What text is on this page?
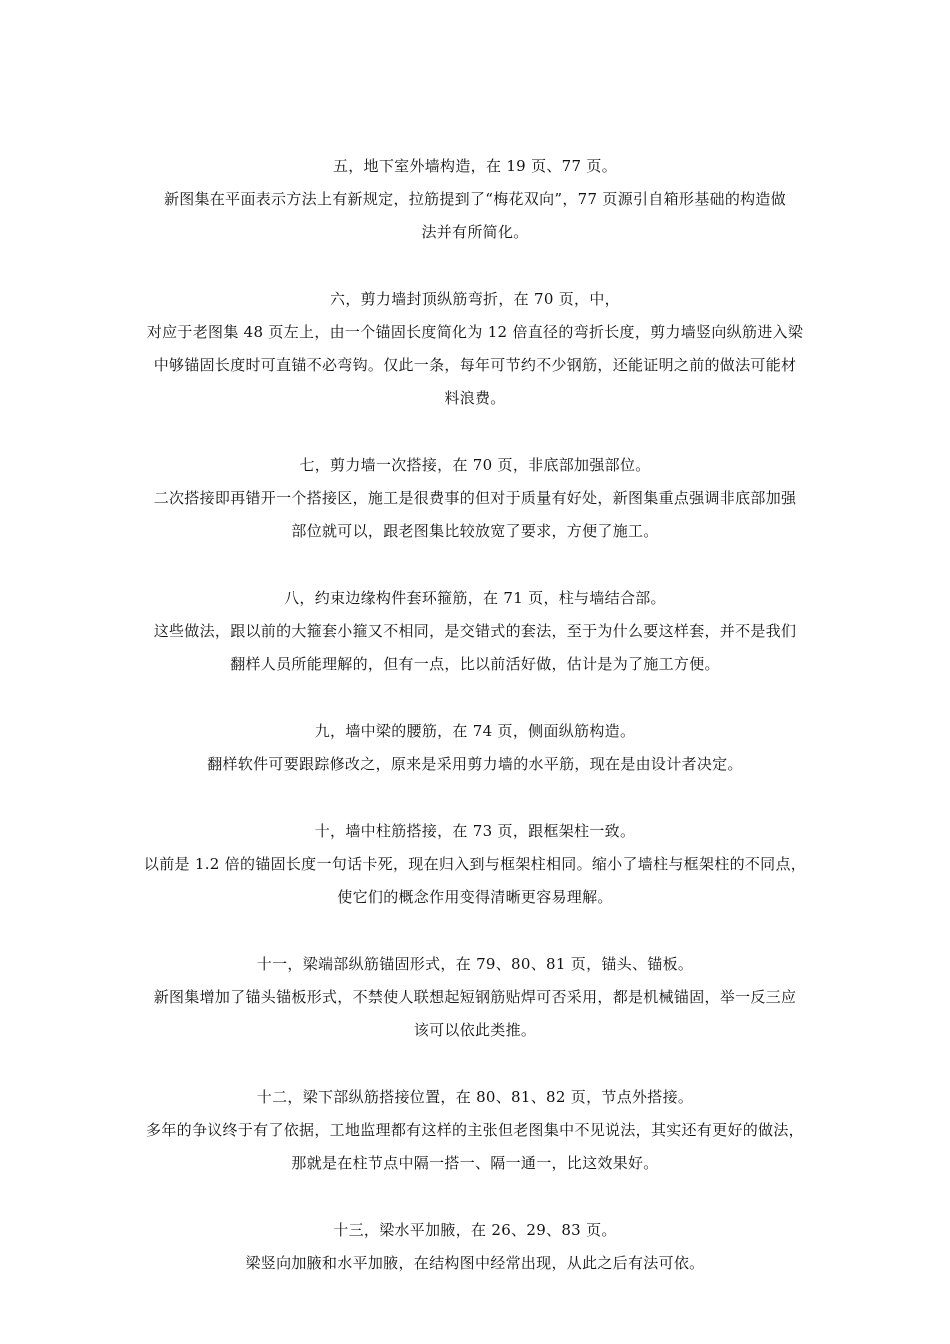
五，地下室外墙构造，在 19 页、77 页。
新图集在平面表示方法上有新规定，拉筋提到了“梅花双向”，77 页源引自箱形基础的构造做
法并有所简化。
六，剪力墙封顶纵筋弯折，在 70 页，中，
对应于老图集 48 页左上，由一个锚固长度简化为 12 倍直径的弯折长度，剪力墙竖向纵筋进入梁
中够锚固长度时可直锚不必弯钩。仅此一条，每年可节约不少钢筋，还能证明之前的做法可能材
料浪费。
七，剪力墙一次搭接，在 70 页，非底部加强部位。
二次搭接即再错开一个搭接区，施工是很费事的但对于质量有好处，新图集重点强调非底部加强
部位就可以，跟老图集比较放宽了要求，方便了施工。
八，约束边缘构件套环箍筋，在 71 页，柱与墙结合部。
这些做法，跟以前的大箍套小箍又不相同，是交错式的套法，至于为什么要这样套，并不是我们
翻样人员所能理解的，但有一点，比以前活好做，估计是为了施工方便。
九，墙中梁的腰筋，在 74 页，侧面纵筋构造。
翻样软件可要跟踪修改之，原来是采用剪力墙的水平筋，现在是由设计者决定。
十，墙中柱筋搭接，在 73 页，跟框架柱一致。
以前是 1.2 倍的锚固长度一句话卡死，现在归入到与框架柱相同。缩小了墙柱与框架柱的不同点，
使它们的概念作用变得清晰更容易理解。
十一，梁端部纵筋锚固形式，在 79、80、81 页，锚头、锚板。
新图集增加了锚头锚板形式，不禁使人联想起短钢筋贴焊可否采用，都是机械锚固，举一反三应
该可以依此类推。
十二，梁下部纵筋搭接位置，在 80、81、82 页，节点外搭接。
多年的争议终于有了依据，工地监理都有这样的主张但老图集中不见说法，其实还有更好的做法，
那就是在柱节点中隔一搭一、隔一通一，比这效果好。
十三，梁水平加腋，在 26、29、83 页。
梁竖向加腋和水平加腋，在结构图中经常出现，从此之后有法可依。
